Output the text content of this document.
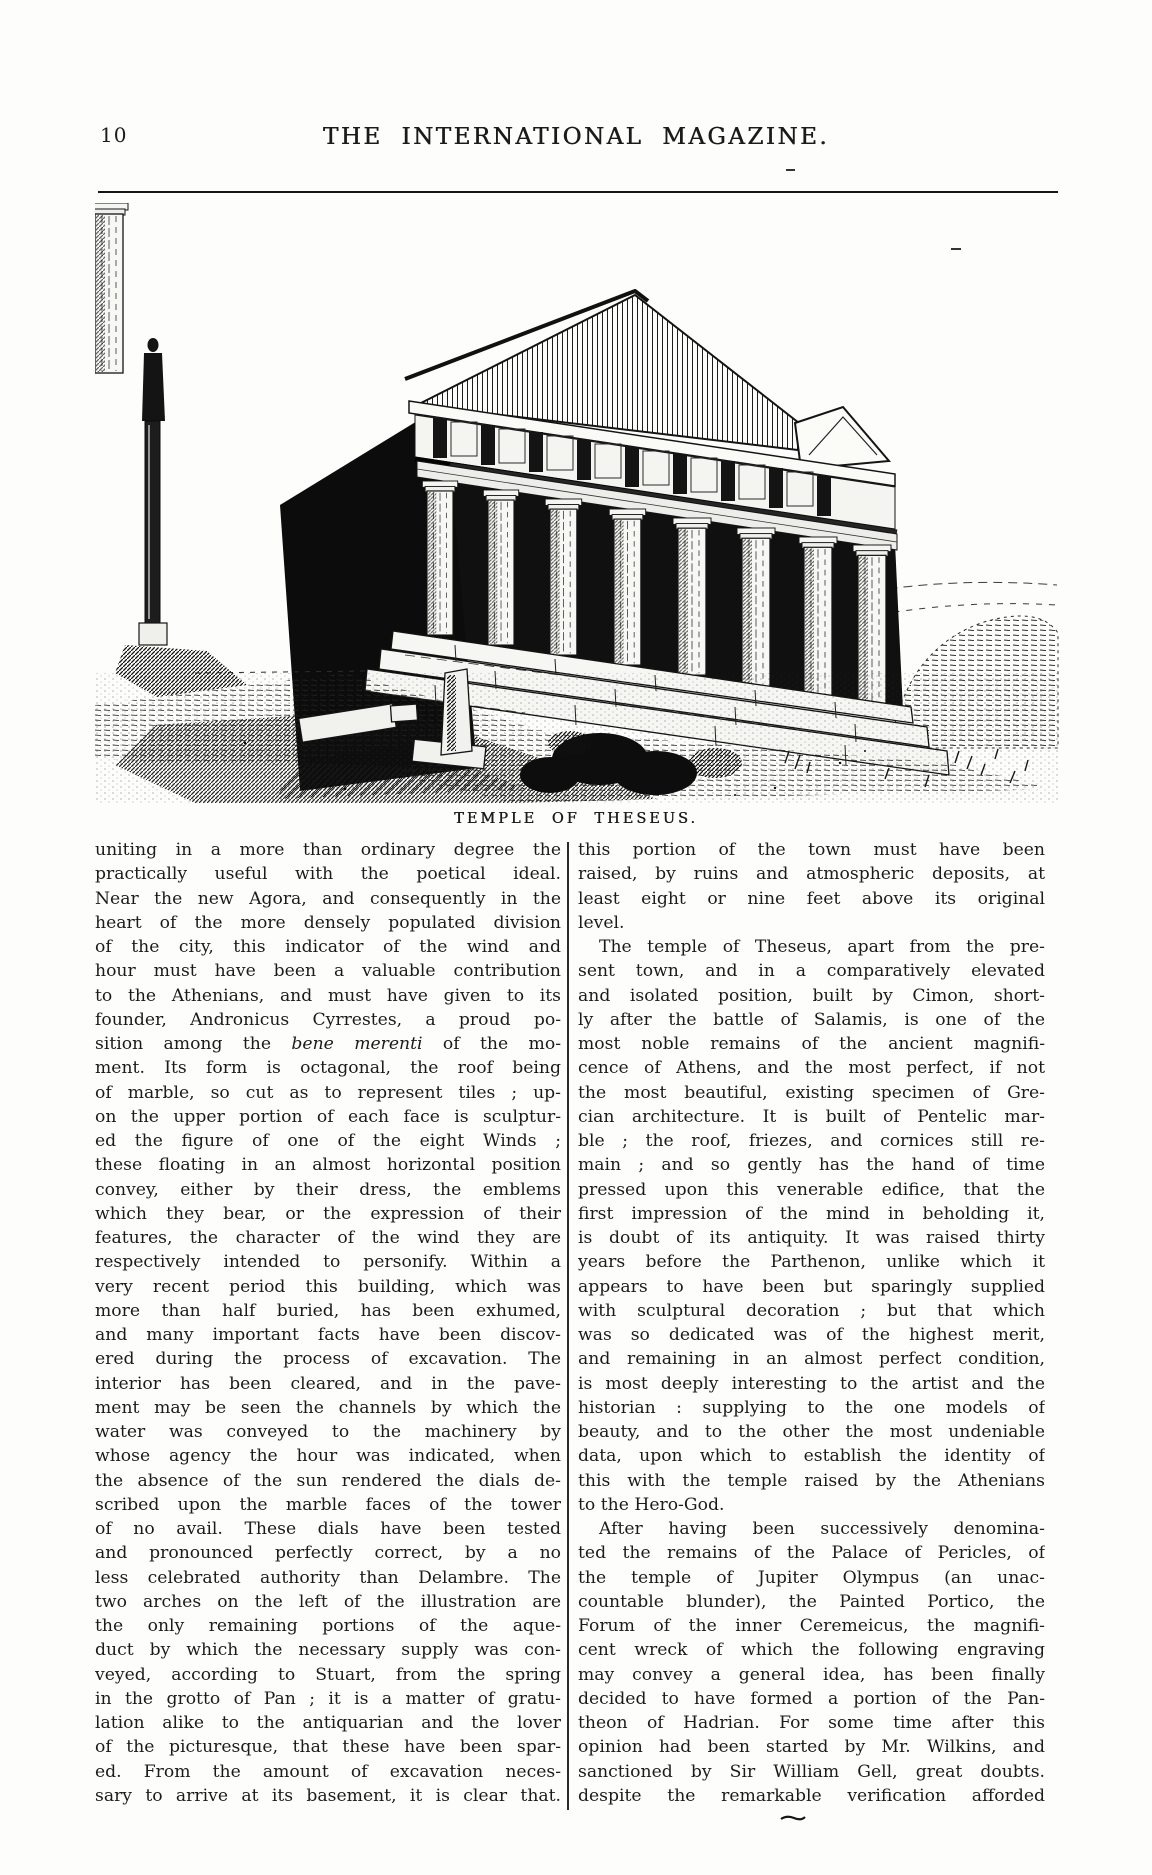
10	THE INTERNATIONAL MAGAZINE.
TEMPLE OF THESEUS.
uniting in a more than ordinary degree the
practically useful with the poetical ideal.
Near the new Agora, and consequently in the
heart of the more densely populated division
of the city, this indicator of the wind and
hour must have been a valuable contribution
to the Athenians, and must have given to its
founder, Andronicus Cyrrestes, a proud po-
sition among the bene merenti of the mo-
ment. Its form is octagonal, the roof being
of marble, so cut as to represent tiles ; up-
on the upper portion of each face is sculptur-
ed the figure of one of the eight Winds ;
these floating in an almost horizontal position
convey, either by their dress, the emblems
which they bear, or the expression of their
features, the character of the wind they are
respectively intended to personify. Within a
very recent period this building, which was
more than half buried, has been exhumed,
and many important facts have been discov-
ered during the process of excavation. The
interior has been cleared, and in the pave-
ment may be seen the channels by which the
water was conveyed to the machinery by
whose agency the hour was indicated, when
the absence of the sun rendered the dials de-
scribed upon the marble faces of the tower
of no avail. These dials have been tested
and pronounced perfectly correct, by a no
less celebrated authority than Delambre. The
two arches on the left of the illustration are
the only remaining portions of the aque-
duct by which the necessary supply was con-
veyed, according to Stuart, from the spring
in the grotto of Pan ; it is a matter of gratu-
lation alike to the antiquarian and the lover
of the picturesque, that these have been spar-
ed. From the amount of excavation neces-
sary to arrive at its basement, it is clear that.
this portion of the town must have been
raised, by ruins and atmospheric deposits, at
least eight or nine feet above its original
level.
The temple of Theseus, apart from the pre-
sent town, and in a comparatively elevated
and isolated position, built by Cimon, short-
ly after the battle of Salamis, is one of the
most noble remains of the ancient magnifi-
cence of Athens, and the most perfect, if not
the most beautiful, existing specimen of Gre-
cian architecture. It is built of Pentelic mar-
ble ; the roof, friezes, and cornices still re-
main ; and so gently has the hand of time
pressed upon this venerable edifice, that the
first impression of the mind in beholding it,
is doubt of its antiquity. It was raised thirty
years before the Parthenon, unlike which it
appears to have been but sparingly supplied
with sculptural decoration ; but that which
was so dedicated was of the highest merit,
and remaining in an almost perfect condition,
is most deeply interesting to the artist and the
historian : supplying to the one models of
beauty, and to the other the most undeniable
data, upon which to establish the identity of
this with the temple raised by the Athenians
to the Hero-God.
After having been successively denomina-
ted the remains of the Palace of Pericles, of
the temple of Jupiter Olympus (an unac-
countable blunder), the Painted Portico, the
Forum of the inner Ceremeicus, the magnifi-
cent wreck of which the following engraving
may convey a general idea, has been finally
decided to have formed a portion of the Pan-
theon of Hadrian. For some time after this
opinion had been started by Mr. Wilkins, and
sanctioned by Sir William Gell, great doubts.
despite the remarkable verification afforded
